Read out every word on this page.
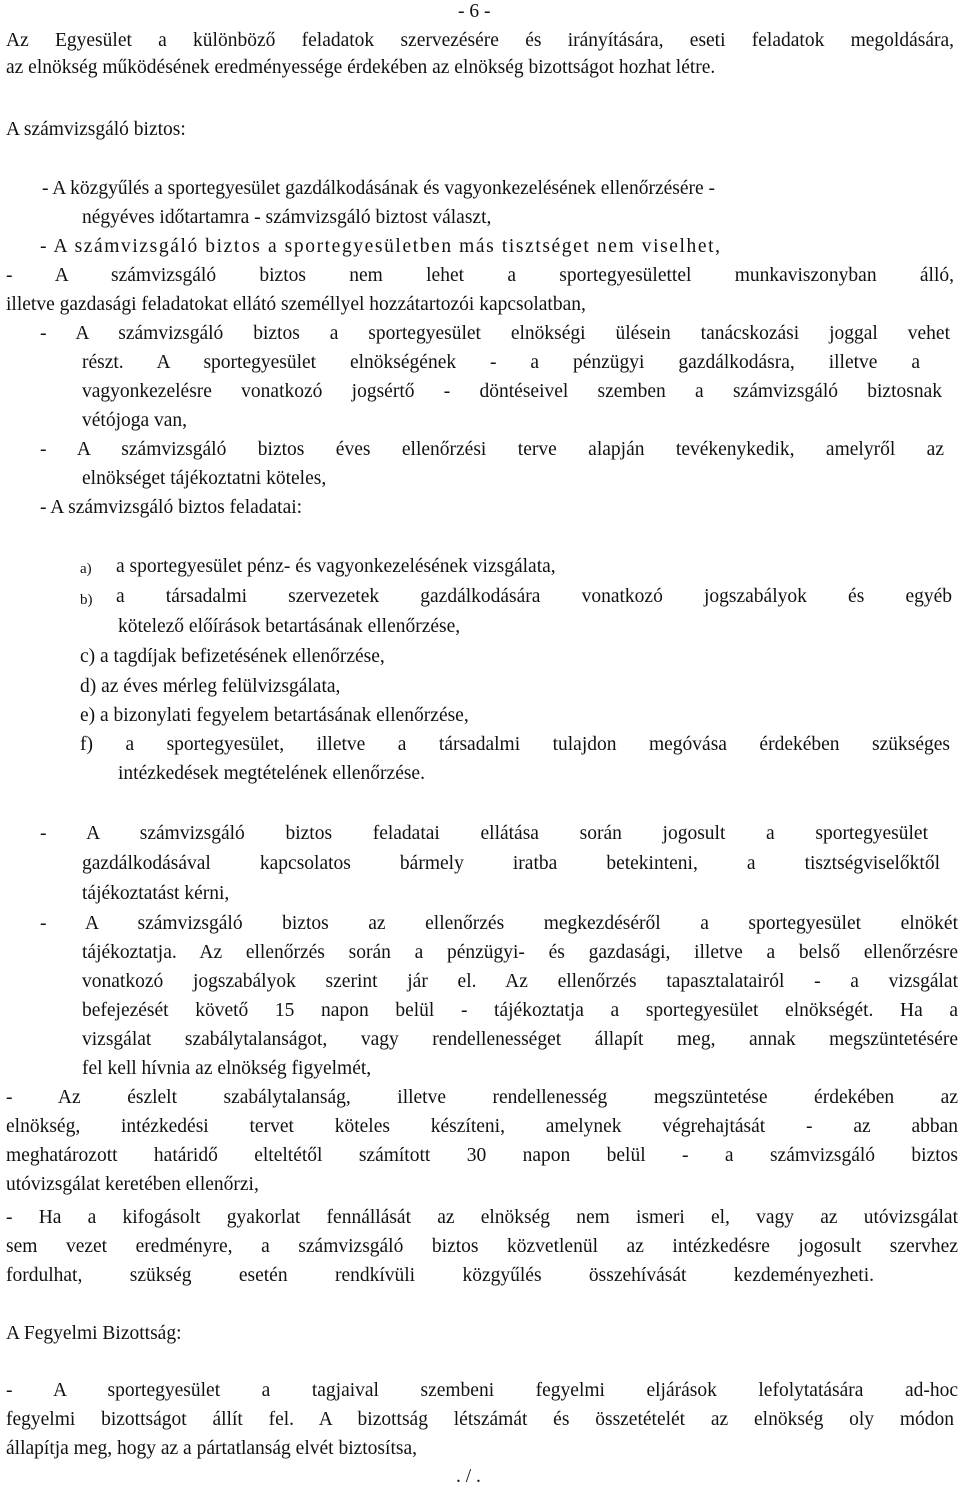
- 6 -
Az Egyesület a különböző feladatok szervezésére és irányítására, eseti feladatok megoldására,
az elnökség működésének eredményessége érdekében az elnökség bizottságot hozhat létre.
A számvizsgáló biztos:
- A közgyűlés a sportegyesület gazdálkodásának és vagyonkezelésének ellenőrzésére -
négyéves időtartamra - számvizsgáló biztost választ,
- A számvizsgáló biztos a sportegyesületben más tisztséget nem viselhet,
- A számvizsgáló biztos nem lehet a sportegyesülettel munkaviszonyban álló,
illetve gazdasági feladatokat ellátó személlyel hozzátartozói kapcsolatban,
- A számvizsgáló biztos a sportegyesület elnökségi ülésein tanácskozási joggal vehet
részt. A sportegyesület elnökségének - a pénzügyi gazdálkodásra, illetve a
vagyonkezelésre vonatkozó jogsértő - döntéseivel szemben a számvizsgáló biztosnak
vétójoga van,
- A számvizsgáló biztos éves ellenőrzési terve alapján tevékenykedik, amelyről az
elnökséget tájékoztatni köteles,
- A számvizsgáló biztos feladatai:
a) a sportegyesület pénz- és vagyonkezelésének vizsgálata,
b) a társadalmi szervezetek gazdálkodására vonatkozó jogszabályok és egyéb
kötelező előírások betartásának ellenőrzése,
c) a tagdíjak befizetésének ellenőrzése,
d) az éves mérleg felülvizsgálata,
e) a bizonylati fegyelem betartásának ellenőrzése,
f) a sportegyesület, illetve a társadalmi tulajdon megóvása érdekében szükséges
intézkedések megtételének ellenőrzése.
- A számvizsgáló biztos feladatai ellátása során jogosult a sportegyesület
gazdálkodásával kapcsolatos bármely iratba betekinteni, a tisztségviselőktől
tájékoztatást kérni,
- A számvizsgáló biztos az ellenőrzés megkezdéséről a sportegyesület elnökét
tájékoztatja. Az ellenőrzés során a pénzügyi- és gazdasági, illetve a belső ellenőrzésre
vonatkozó jogszabályok szerint jár el. Az ellenőrzés tapasztalatairól - a vizsgálat
befejezését követő 15 napon belül - tájékoztatja a sportegyesület elnökségét. Ha a
vizsgálat szabálytalanságot, vagy rendellenességet állapít meg, annak megszüntetésére
fel kell hívnia az elnökség figyelmét,
- Az észlelt szabálytalanság, illetve rendellenesség megszüntetése érdekében az
elnökség, intézkedési tervet köteles készíteni, amelynek végrehajtását - az abban
meghatározott határidő elteltétől számított 30 napon belül - a számvizsgáló biztos
utóvizsgálat keretében ellenőrzi,
- Ha a kifogásolt gyakorlat fennállását az elnökség nem ismeri el, vagy az utóvizsgálat
sem vezet eredményre, a számvizsgáló biztos közvetlenül az intézkedésre jogosult szervhez
fordulhat, szükség esetén rendkívüli közgyűlés összehívását kezdeményezheti.
A Fegyelmi Bizottság:
- A sportegyesület a tagjaival szembeni fegyelmi eljárások lefolytatására ad-hoc
fegyelmi bizottságot állít fel. A bizottság létszámát és összetételét az elnökség oly módon
állapítja meg, hogy az a pártatlanság elvét biztosítsa,
. / .
